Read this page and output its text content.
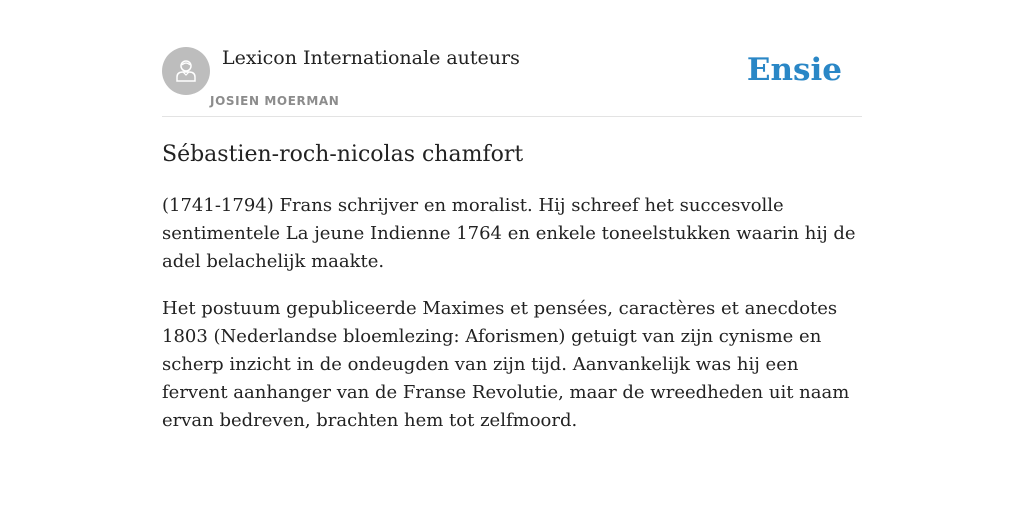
Lexicon Internationale auteurs
JOSIEN MOERMAN
Ensie
Sébastien-roch-nicolas chamfort

(1741-1794) Frans schrijver en moralist. Hij schreef het succesvolle sentimentele La jeune Indienne 1764 en enkele toneelstukken waarin hij de adel belachelijk maakte.

Het postuum gepubliceerde Maximes et pensées, caractères et anecdotes 1803 (Nederlandse bloemlezing: Aforismen) getuigt van zijn cynisme en scherp inzicht in de ondeugden van zijn tijd. Aanvankelijk was hij een fervent aanhanger van de Franse Revolutie, maar de wreedheden uit naam ervan bedreven, brachten hem tot zelfmoord.
